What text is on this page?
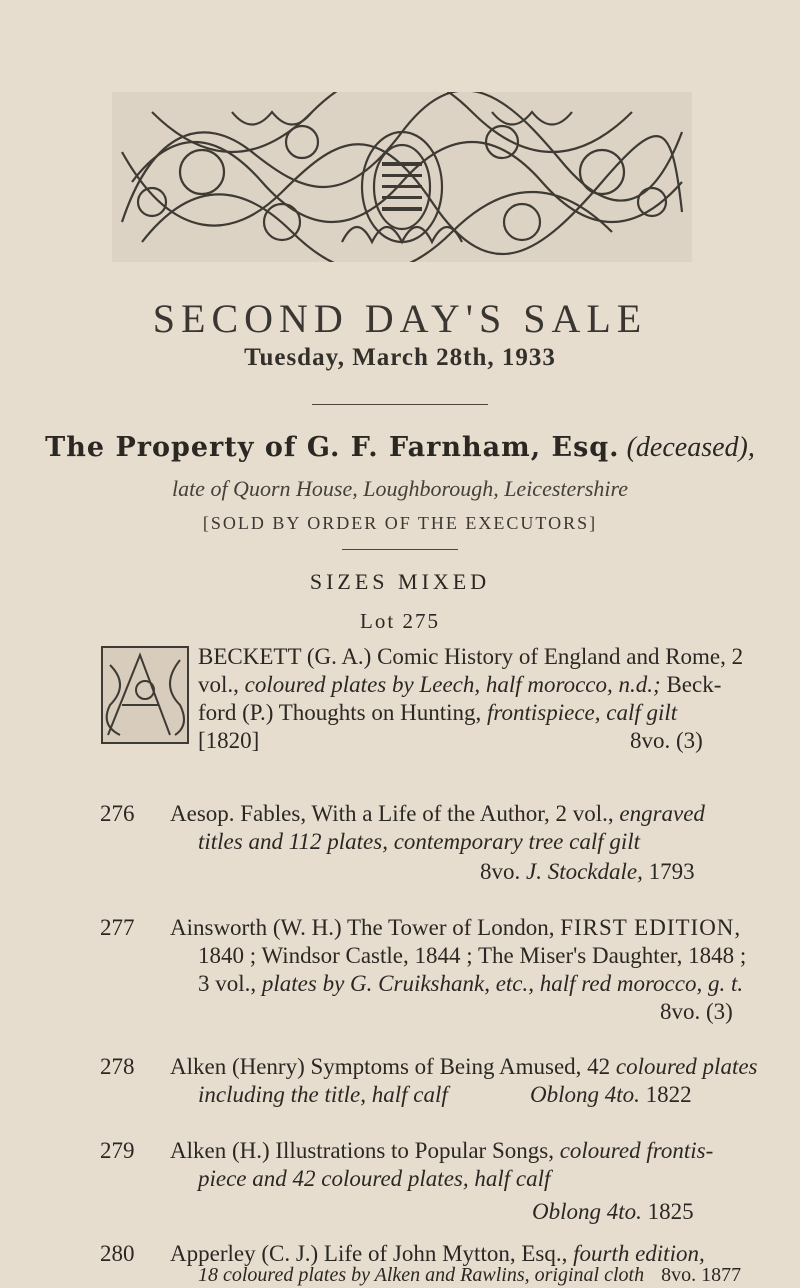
SECOND DAY'S SALE
Tuesday, March 28th, 1933
The Property of G. F. Farnham, Esq. (deceased),
late of Quorn House, Loughborough, Leicestershire
[SOLD BY ORDER OF THE EXECUTORS]
SIZES MIXED
Lot 275
BECKETT (G. A.) Comic History of England and Rome, 2
vol., coloured plates by Leech, half morocco, n.d.; Beck-
ford (P.) Thoughts on Hunting, frontispiece, calf gilt
[1820]	8vo. (3)
276 Aesop. Fables, With a Life of the Author, 2 vol., engraved
titles and 112 plates, contemporary tree calf gilt
8vo. J. Stockdale, 1793
277 Ainsworth (W. H.) The Tower of London, FIRST EDITION,
1840 ; Windsor Castle, 1844 ; The Miser's Daughter, 1848 ;
3 vol., plates by G. Cruikshank, etc., half red morocco, g. t.
8vo. (3)
278 Alken (Henry) Symptoms of Being Amused, 42 coloured plates
including the title, half calf	Oblong 4to. 1822
279 Alken (H.) Illustrations to Popular Songs, coloured frontis-
piece and 42 coloured plates, half calf
Oblong 4to. 1825
280 Apperley (C. J.) Life of John Mytton, Esq., fourth edition,
18 coloured plates by Alken and Rawlins, original cloth 8vo. 1877
